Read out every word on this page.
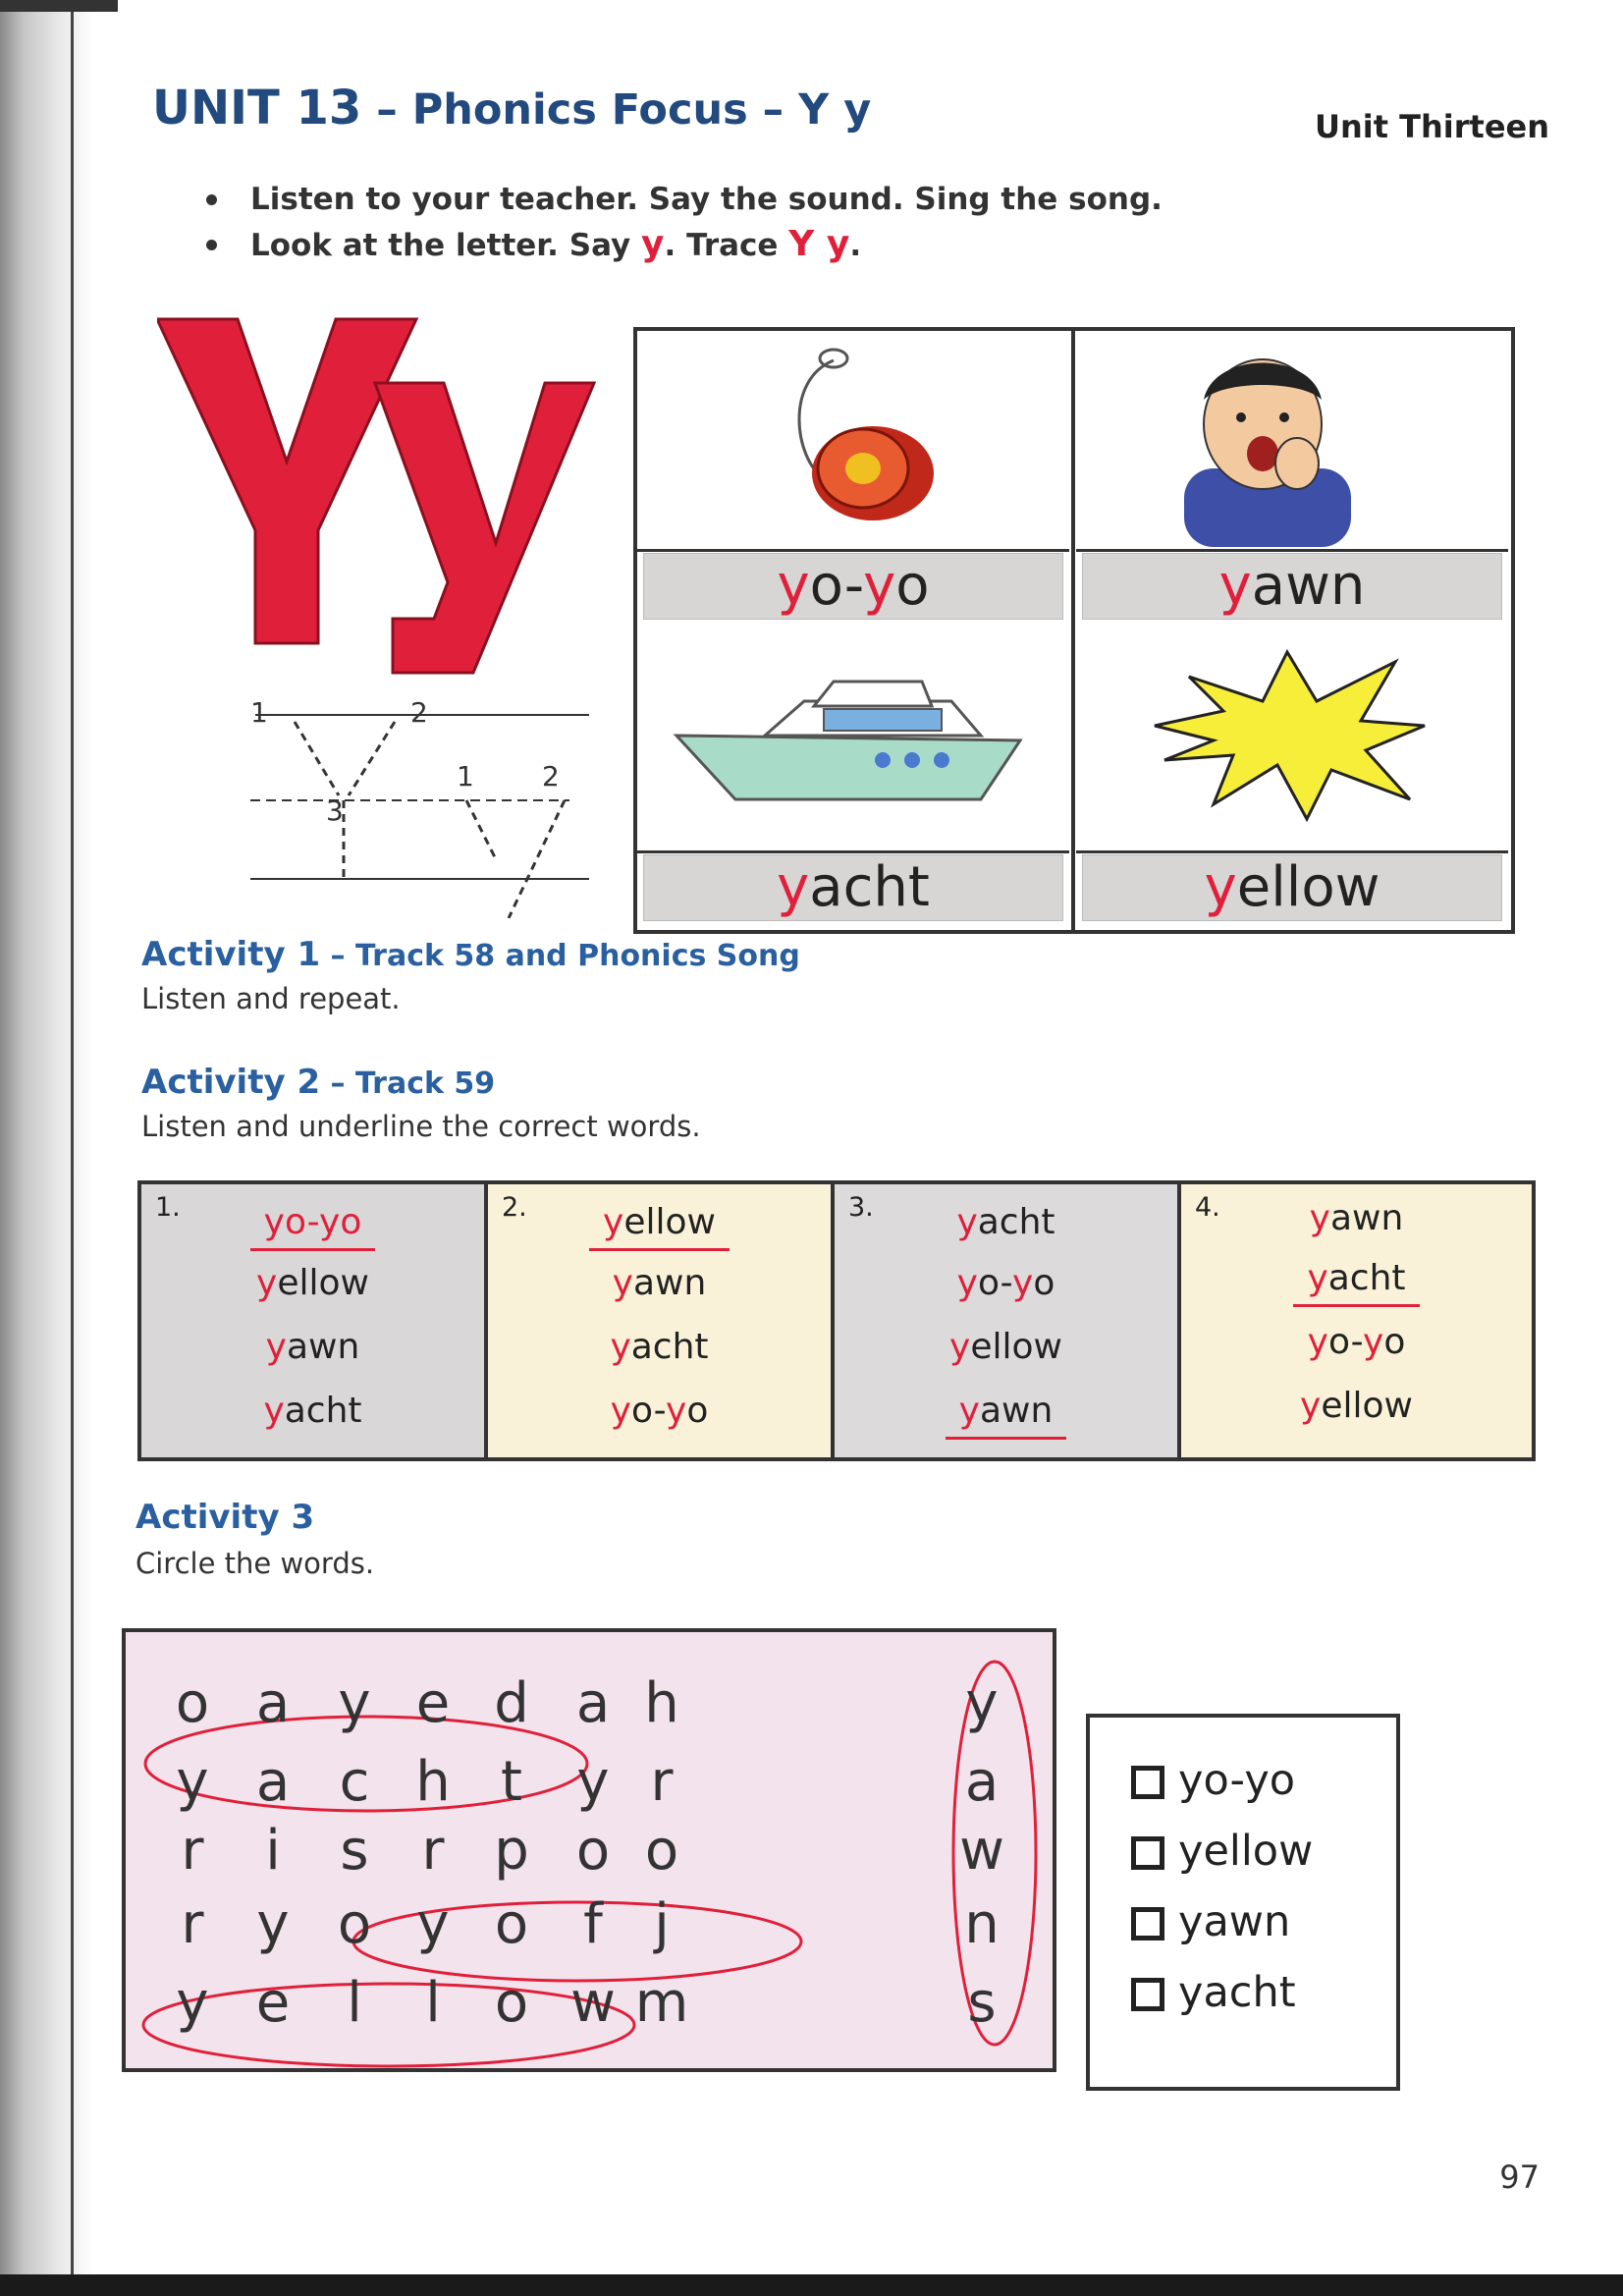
UNIT 13 – Phonics Focus – Y y	Unit Thirteen
Listen to your teacher. Say the sound. Sing the song.
Look at the letter. Say y. Trace Y y.
1	2
3
1 2
yo-yo	yawn
yacht	yellow
Activity 1 – Track 58 and Phonics Song
Listen and repeat.
Activity 2 – Track 59
Listen and underline the correct words.
1.	yo-yo
yellow
yawn
yacht
2.	yellow
yawn
yacht
yo-yo
3.	yacht
yo-yo
yellow
yawn
4.	yawn
yacht
yo-yo
yellow
Activity 3
Circle the words.
o a y e d a h	y
y a c h t y r	a
r	i	s r p o o	w
r y o y o	f j	n
y e	l	l o w m	s
yo-yo
yellow
yawn
yacht
97
